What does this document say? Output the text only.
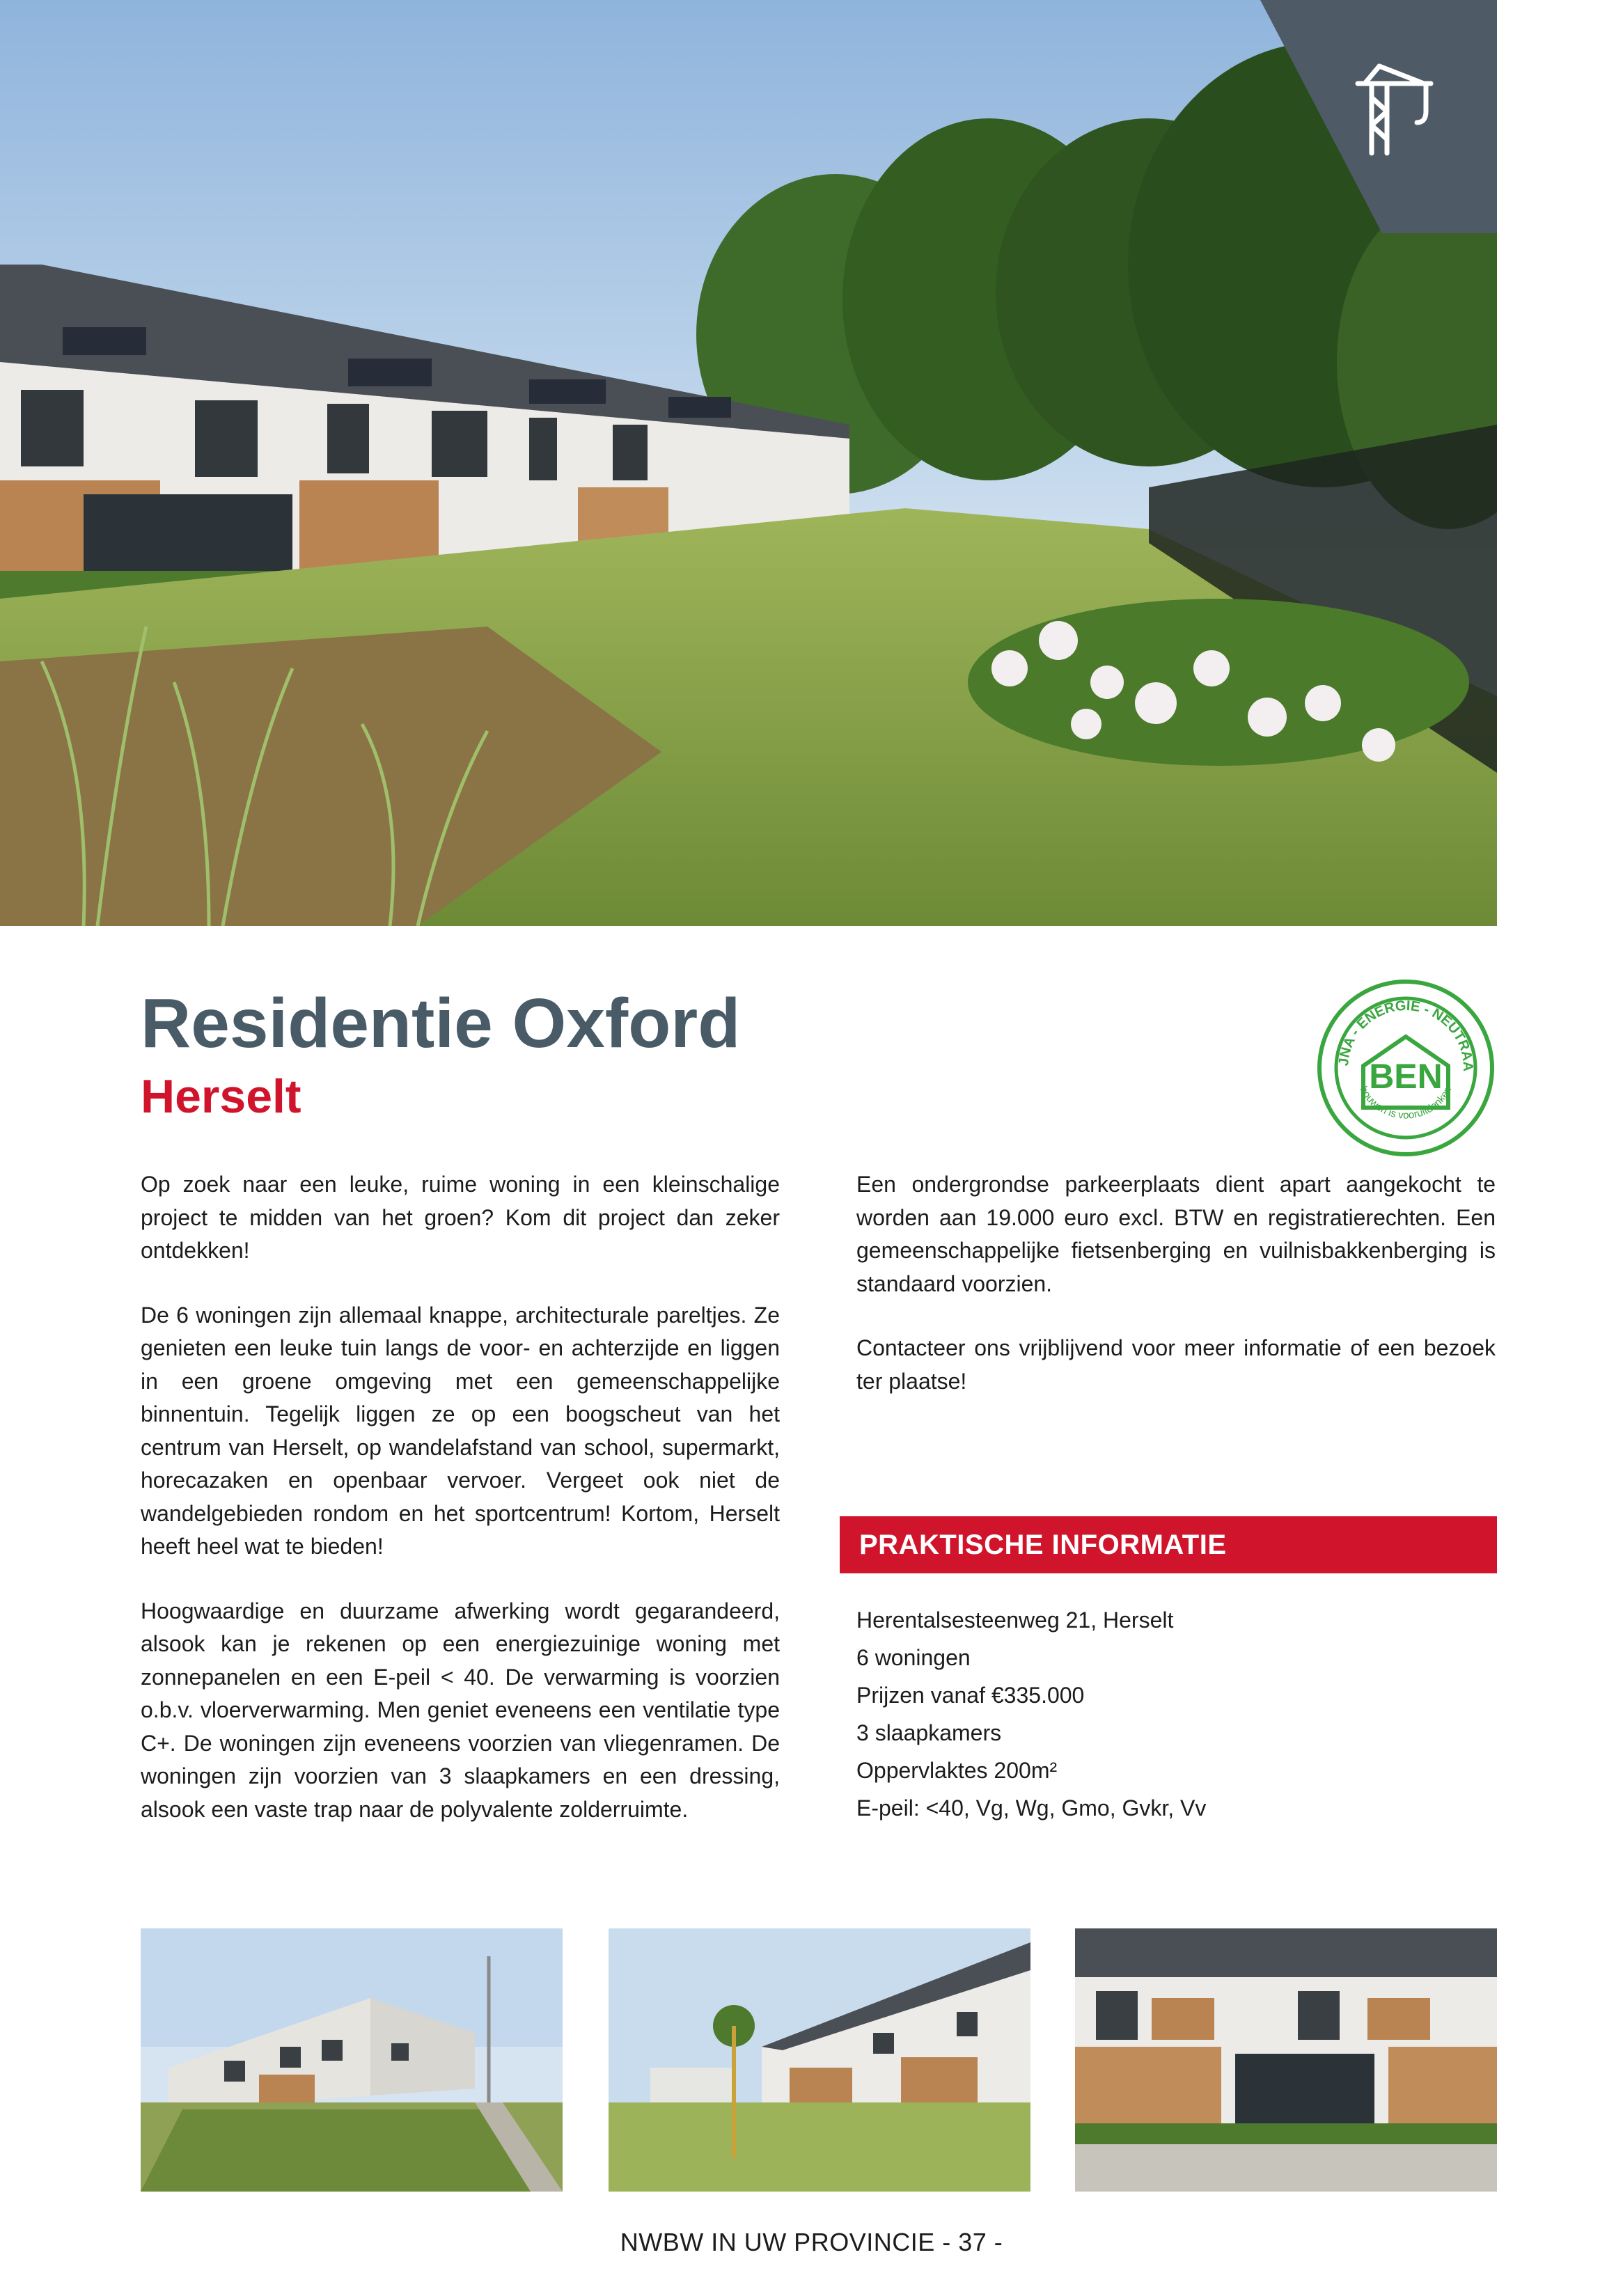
Residentie Oxford
Herselt
JNA - ENERGIE - NEUTRAA
BEN
bouwen is vooruitdenken

Op zoek naar een leuke, ruime woning in een kleinschalige project te midden van het groen? Kom dit project dan zeker ontdekken!

De 6 woningen zijn allemaal knappe, architecturale pareltjes. Ze genieten een leuke tuin langs de voor- en achterzijde en liggen in een groene omgeving met een gemeenschappelijke binnentuin. Tegelijk liggen ze op een boogscheut van het centrum van Herselt, op wandelafstand van school, supermarkt, horecazaken en openbaar vervoer. Vergeet ook niet de wandelgebieden rondom en het sportcentrum! Kortom, Herselt heeft heel wat te bieden!

Hoogwaardige en duurzame afwerking wordt gegarandeerd, alsook kan je rekenen op een energiezuinige woning met zonnepanelen en een E-peil < 40. De verwarming is voorzien o.b.v. vloerverwarming. Men geniet eveneens een ventilatie type C+. De woningen zijn eveneens voorzien van vliegenramen. De woningen zijn voorzien van 3 slaapkamers en een dressing, alsook een vaste trap naar de polyvalente zolderruimte.

Een ondergrondse parkeerplaats dient apart aangekocht te worden aan 19.000 euro excl. BTW en registratierechten. Een gemeenschappelijke fietsenberging en vuilnisbakkenberging is standaard voorzien.

Contacteer ons vrijblijvend voor meer informatie of een bezoek ter plaatse!

PRAKTISCHE INFORMATIE
Herentalsesteenweg 21, Herselt
6 woningen
Prijzen vanaf €335.000
3 slaapkamers
Oppervlaktes 200m²
E-peil: <40, Vg, Wg, Gmo, Gvkr, Vv
NWBW IN UW PROVINCIE - 37 -
